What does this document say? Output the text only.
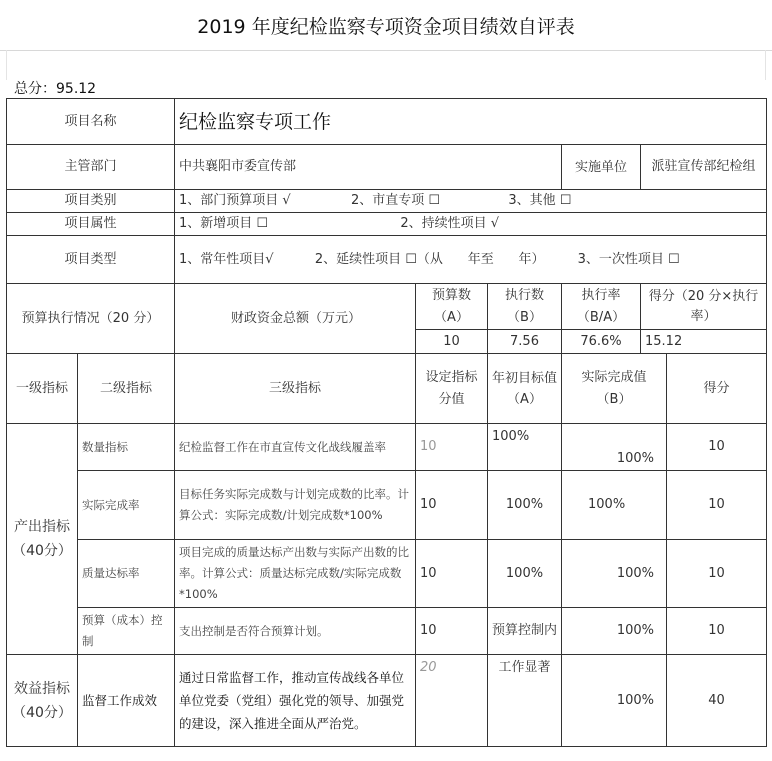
2019 年度纪检监察专项资金项目绩效自评表
总分：95.12
项目名称		纪检监察专项工作					
主管部门		中共襄阳市委宣传部			实施单位	派驻宣传部纪检组	
项目类别		1、部门预算项目 √ 2、市直专项 ☐ 3、其他 ☐					
项目属性		1、新增项目 ☐ 2、持续性项目 √					
项目类型		1、常年性项目√          2、延续性项目 ☐（从      年至      年）        3、一次性项目 ☐					
预算执行情况（20 分）		财政资金总额（万元）	预算数（A）	执行数（B）	执行率（B/A）	得分（20 分×执行率）	
			10	7.56	76.6%	15.12	
一级指标	二级指标	三级指标	设定指标分值	年初目标值（A）	实际完成值（B）		得分
产出指标（40分）	数量指标	纪检监督工作在市直宣传文化战线履盖率	10	100%	100%		10
	实际完成率	目标任务实际完成数与计划完成数的比率。计算公式：实际完成数/计划完成数*100%	10	100%	100%		10
	质量达标率	项目完成的质量达标产出数与实际产出数的比率。计算公式：质量达标完成数/实际完成数*100%	10	100%	100%		10
	预算（成本）控制	支出控制是否符合预算计划。	10	预算控制内	100%		10
效益指标（40分）	监督工作成效	通过日常监督工作，推动宣传战线各单位单位党委（党组）强化党的领导、加强党的建设，深入推进全面从严治党。	20	工作显著	100%		40
